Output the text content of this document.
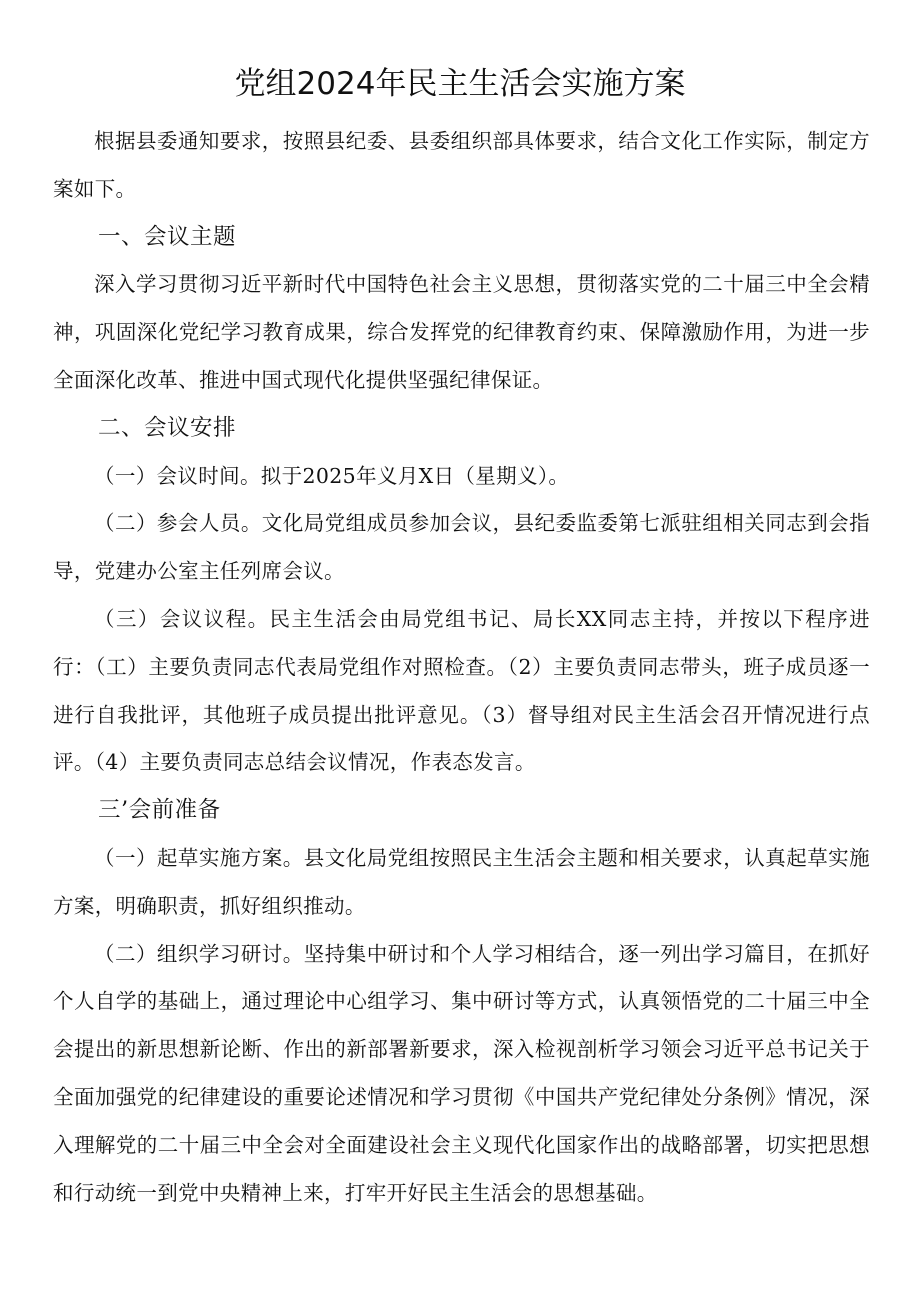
党组2024年民主生活会实施方案

根据县委通知要求，按照县纪委、县委组织部具体要求，结合文化工作实际，制定方案如下。

一、会议主题

深入学习贯彻习近平新时代中国特色社会主义思想，贯彻落实党的二十届三中全会精神，巩固深化党纪学习教育成果，综合发挥党的纪律教育约束、保障激励作用，为进一步全面深化改革、推进中国式现代化提供坚强纪律保证。

二、会议安排

（一）会议时间。拟于2025年义月X日（星期义）。

（二）参会人员。文化局党组成员参加会议，县纪委监委第七派驻组相关同志到会指导，党建办公室主任列席会议。

（三）会议议程。民主生活会由局党组书记、局长XX同志主持，并按以下程序进行：（工）主要负责同志代表局党组作对照检查。（2）主要负责同志带头，班子成员逐一进行自我批评，其他班子成员提出批评意见。（3）督导组对民主生活会召开情况进行点评。（4）主要负责同志总结会议情况，作表态发言。

三’会前准备

（一）起草实施方案。县文化局党组按照民主生活会主题和相关要求，认真起草实施方案，明确职责，抓好组织推动。

（二）组织学习研讨。坚持集中研讨和个人学习相结合，逐一列出学习篇目，在抓好个人自学的基础上，通过理论中心组学习、集中研讨等方式，认真领悟党的二十届三中全会提出的新思想新论断、作出的新部署新要求，深入检视剖析学习领会习近平总书记关于全面加强党的纪律建设的重要论述情况和学习贯彻《中国共产党纪律处分条例》情况，深入理解党的二十届三中全会对全面建设社会主义现代化国家作出的战略部署，切实把思想和行动统一到党中央精神上来，打牢开好民主生活会的思想基础。
